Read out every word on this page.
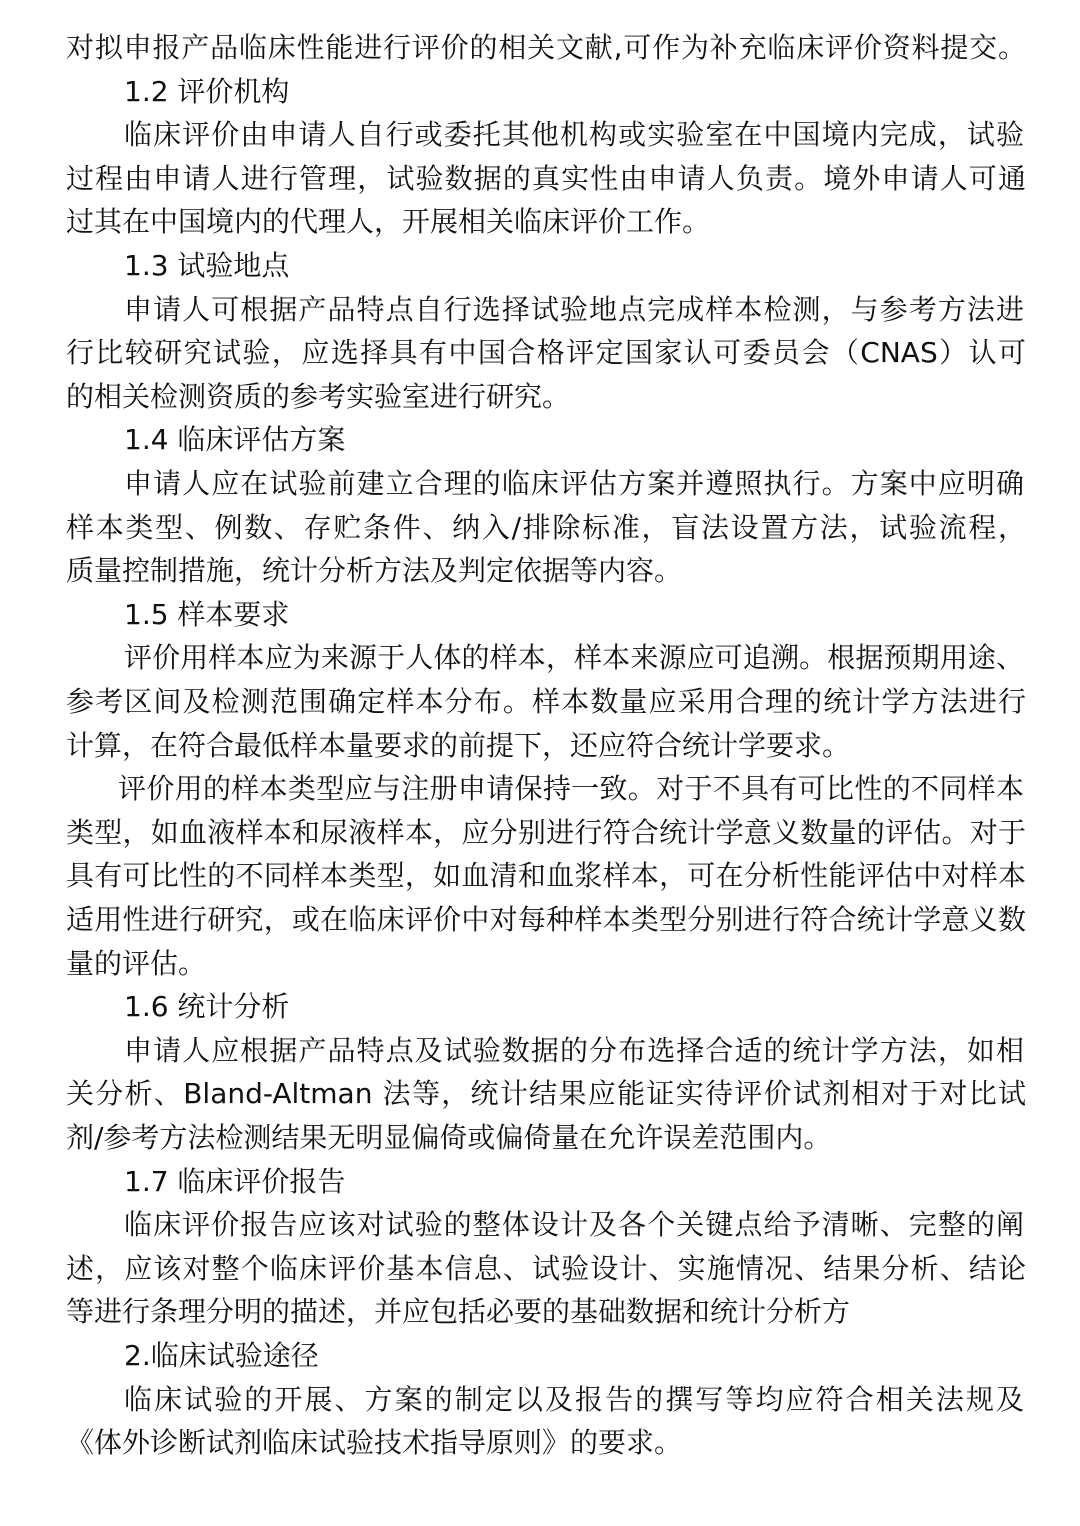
对拟申报产品临床性能进行评价的相关文献,可作为补充临床评价资料提交。
1.2 评价机构
临床评价由申请人自行或委托其他机构或实验室在中国境内完成，试验
过程由申请人进行管理，试验数据的真实性由申请人负责。境外申请人可通
过其在中国境内的代理人，开展相关临床评价工作。
1.3 试验地点
申请人可根据产品特点自行选择试验地点完成样本检测，与参考方法进
行比较研究试验，应选择具有中国合格评定国家认可委员会（CNAS）认可
的相关检测资质的参考实验室进行研究。
1.4 临床评估方案
申请人应在试验前建立合理的临床评估方案并遵照执行。方案中应明确
样本类型、例数、存贮条件、纳入/排除标准，盲法设置方法，试验流程，
质量控制措施，统计分析方法及判定依据等内容。
1.5 样本要求
评价用样本应为来源于人体的样本，样本来源应可追溯。根据预期用途、
参考区间及检测范围确定样本分布。样本数量应采用合理的统计学方法进行
计算，在符合最低样本量要求的前提下，还应符合统计学要求。
评价用的样本类型应与注册申请保持一致。对于不具有可比性的不同样本
类型，如血液样本和尿液样本，应分别进行符合统计学意义数量的评估。对于
具有可比性的不同样本类型，如血清和血浆样本，可在分析性能评估中对样本
适用性进行研究，或在临床评价中对每种样本类型分别进行符合统计学意义数
量的评估。
1.6 统计分析
申请人应根据产品特点及试验数据的分布选择合适的统计学方法，如相
关分析、Bland-Altman 法等，统计结果应能证实待评价试剂相对于对比试
剂/参考方法检测结果无明显偏倚或偏倚量在允许误差范围内。
1.7 临床评价报告
临床评价报告应该对试验的整体设计及各个关键点给予清晰、完整的阐
述，应该对整个临床评价基本信息、试验设计、实施情况、结果分析、结论
等进行条理分明的描述，并应包括必要的基础数据和统计分析方
2.临床试验途径
临床试验的开展、方案的制定以及报告的撰写等均应符合相关法规及
《体外诊断试剂临床试验技术指导原则》的要求。
